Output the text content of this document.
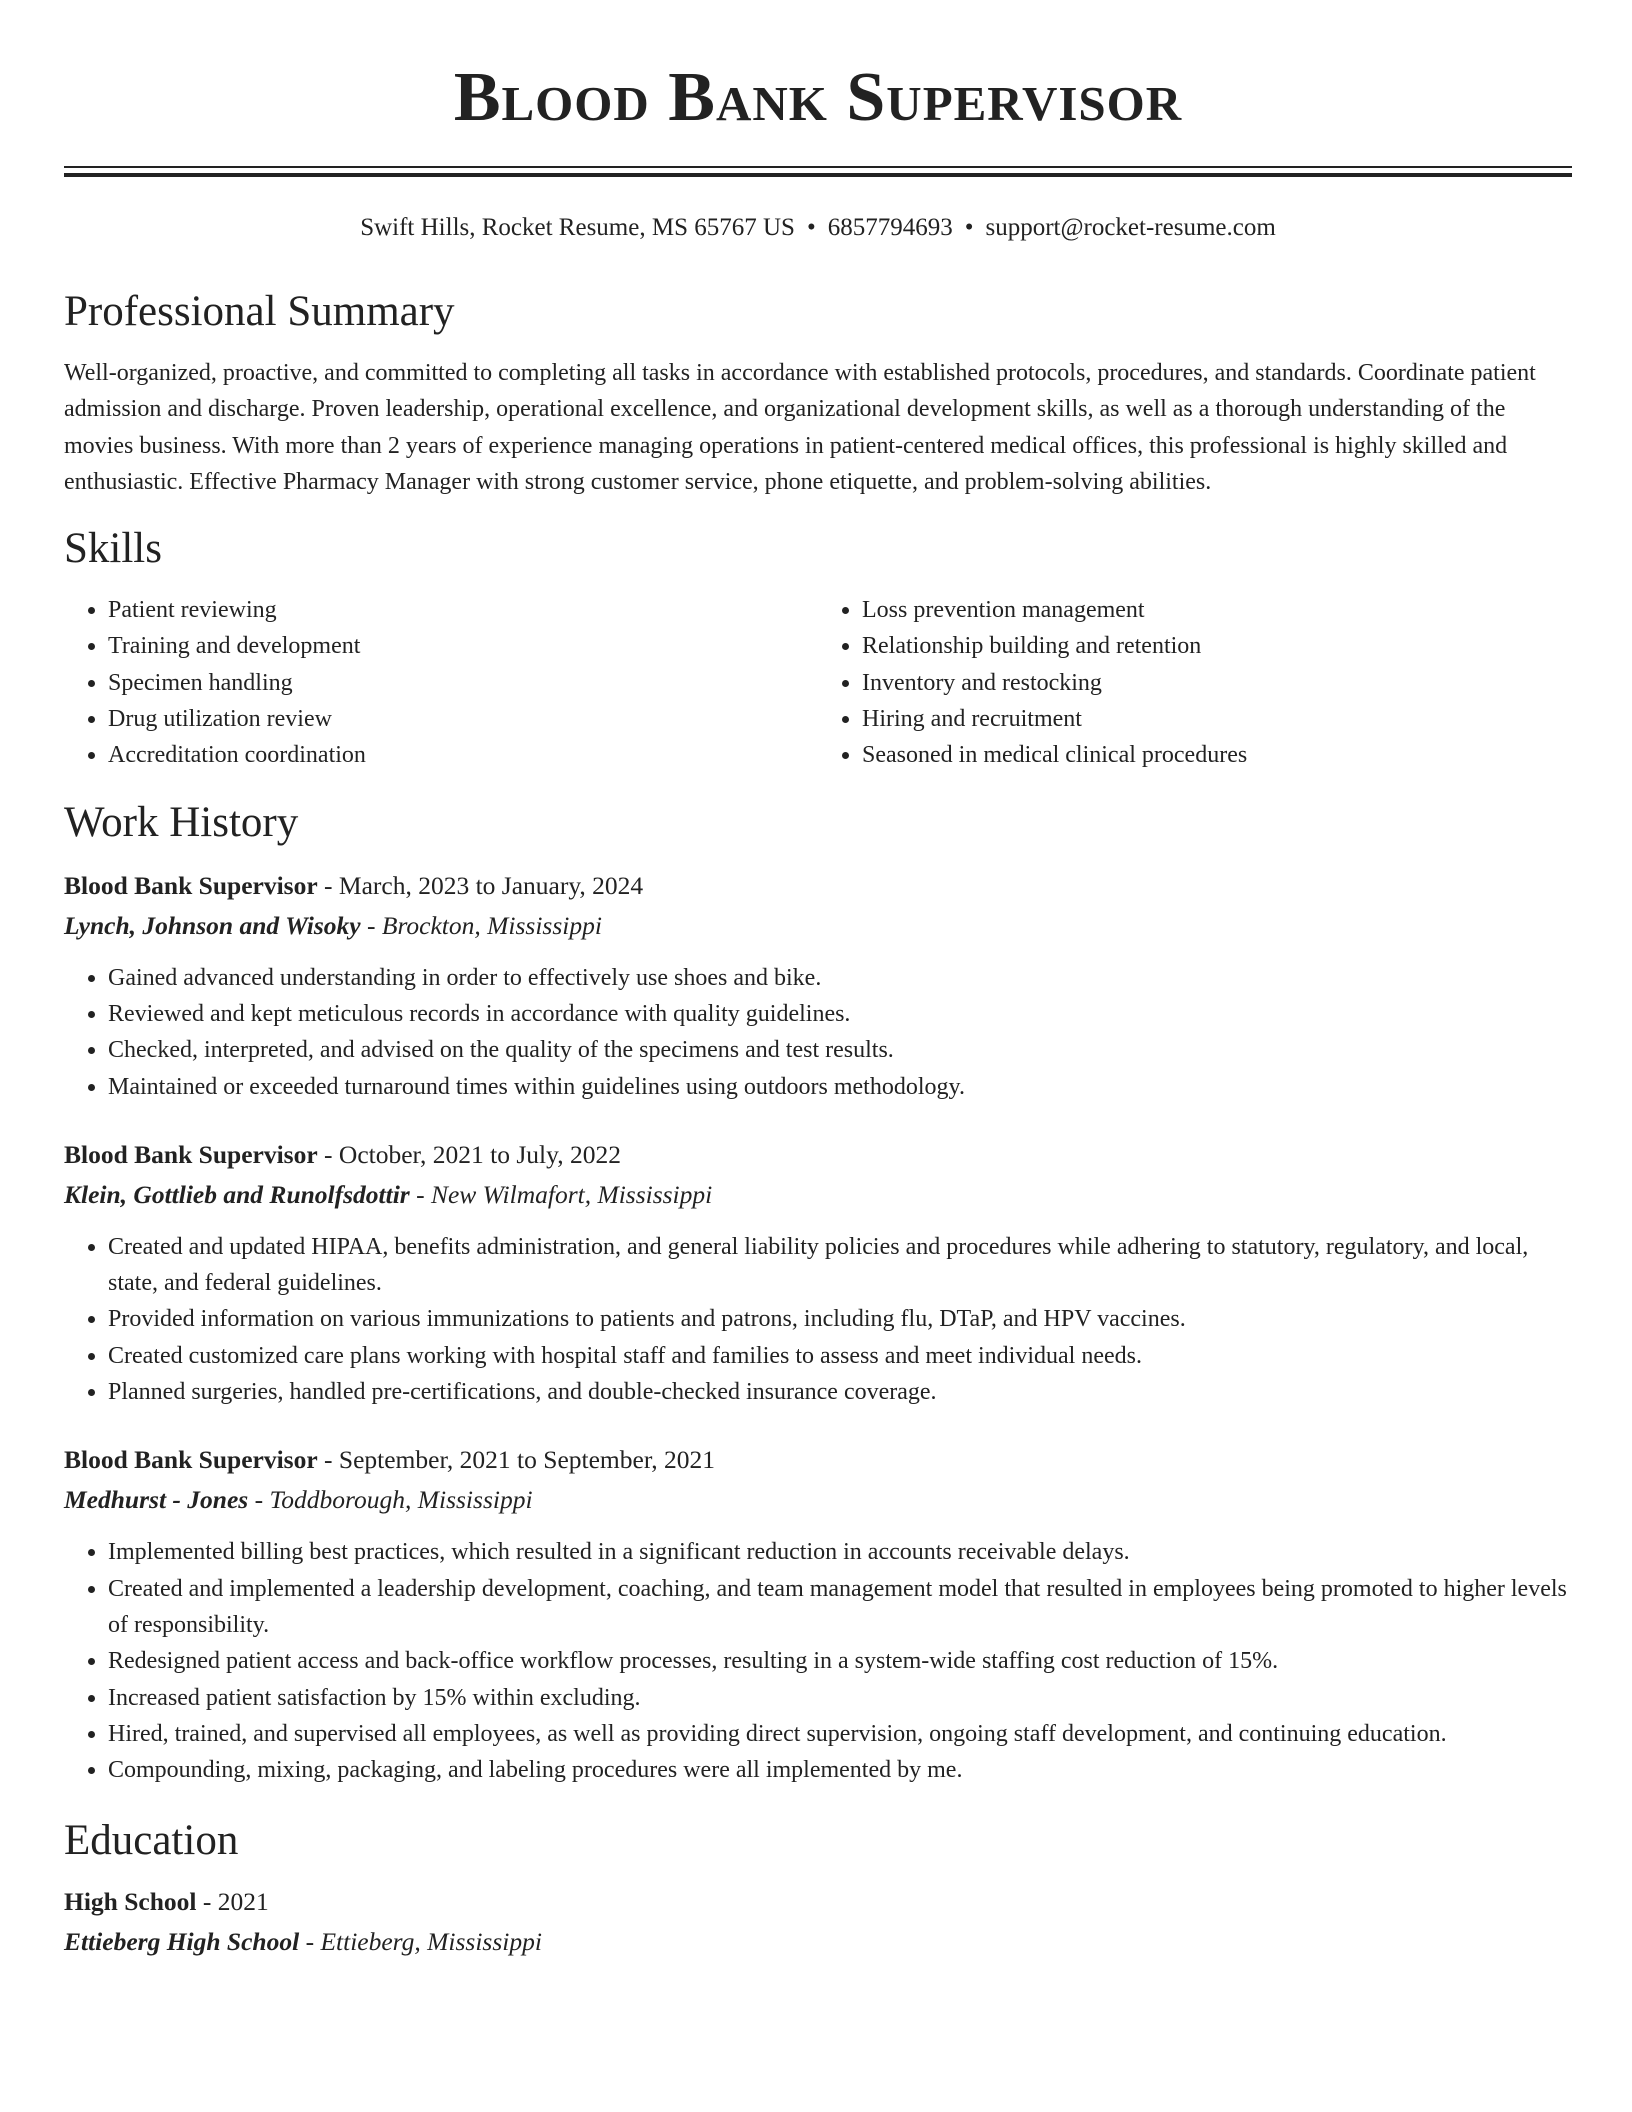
Blood Bank Supervisor
Swift Hills, Rocket Resume, MS 65767 US • 6857794693 • support@rocket-resume.com
Professional Summary
Well-organized, proactive, and committed to completing all tasks in accordance with established protocols, procedures, and standards. Coordinate patient admission and discharge. Proven leadership, operational excellence, and organizational development skills, as well as a thorough understanding of the movies business. With more than 2 years of experience managing operations in patient-centered medical offices, this professional is highly skilled and enthusiastic. Effective Pharmacy Manager with strong customer service, phone etiquette, and problem-solving abilities.
Skills
• Patient reviewing
• Training and development
• Specimen handling
• Drug utilization review
• Accreditation coordination
• Loss prevention management
• Relationship building and retention
• Inventory and restocking
• Hiring and recruitment
• Seasoned in medical clinical procedures
Work History
Blood Bank Supervisor - March, 2023 to January, 2024
Lynch, Johnson and Wisoky - Brockton, Mississippi
• Gained advanced understanding in order to effectively use shoes and bike.
• Reviewed and kept meticulous records in accordance with quality guidelines.
• Checked, interpreted, and advised on the quality of the specimens and test results.
• Maintained or exceeded turnaround times within guidelines using outdoors methodology.
Blood Bank Supervisor - October, 2021 to July, 2022
Klein, Gottlieb and Runolfsdottir - New Wilmafort, Mississippi
• Created and updated HIPAA, benefits administration, and general liability policies and procedures while adhering to statutory, regulatory, and local, state, and federal guidelines.
• Provided information on various immunizations to patients and patrons, including flu, DTaP, and HPV vaccines.
• Created customized care plans working with hospital staff and families to assess and meet individual needs.
• Planned surgeries, handled pre-certifications, and double-checked insurance coverage.
Blood Bank Supervisor - September, 2021 to September, 2021
Medhurst - Jones - Toddborough, Mississippi
• Implemented billing best practices, which resulted in a significant reduction in accounts receivable delays.
• Created and implemented a leadership development, coaching, and team management model that resulted in employees being promoted to higher levels of responsibility.
• Redesigned patient access and back-office workflow processes, resulting in a system-wide staffing cost reduction of 15%.
• Increased patient satisfaction by 15% within excluding.
• Hired, trained, and supervised all employees, as well as providing direct supervision, ongoing staff development, and continuing education.
• Compounding, mixing, packaging, and labeling procedures were all implemented by me.
Education
High School - 2021
Ettieberg High School - Ettieberg, Mississippi
